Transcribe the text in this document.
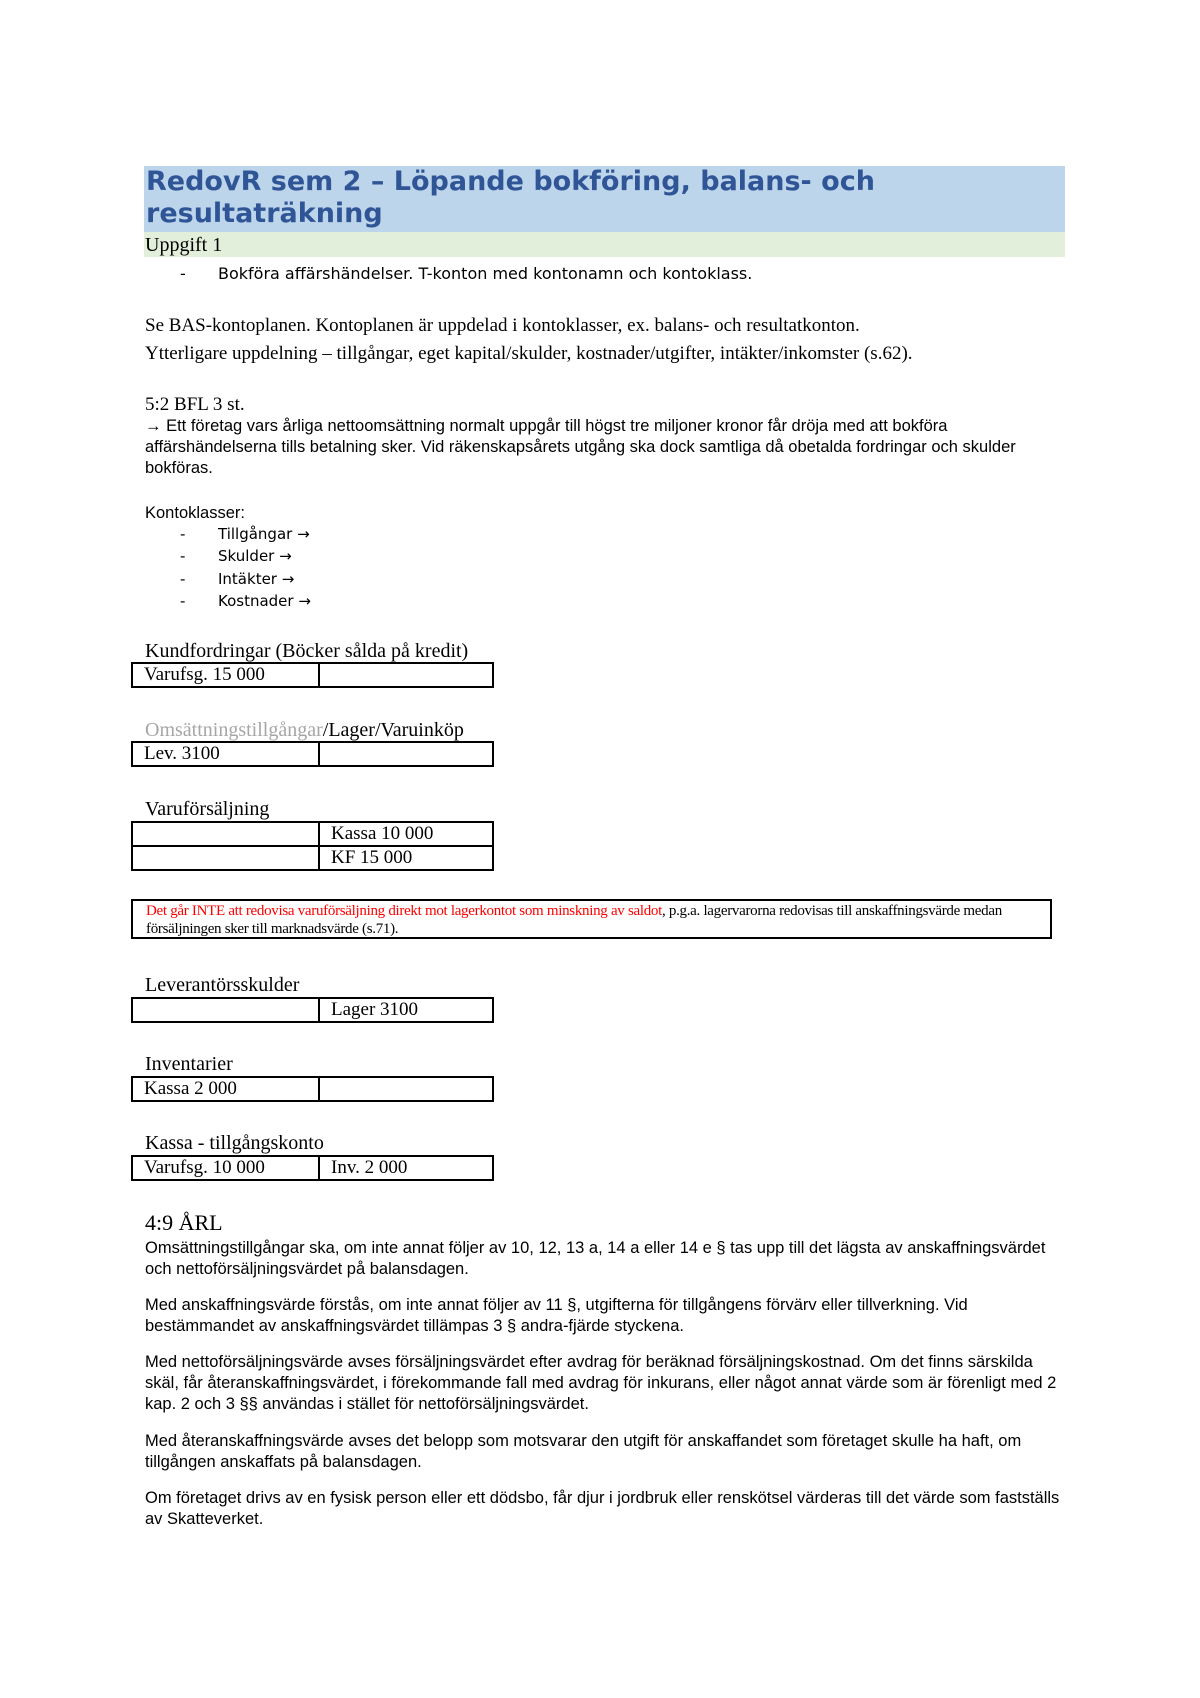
RedovR sem 2 – Löpande bokföring, balans- och resultaträkning
Uppgift 1
- Bokföra affärshändelser. T-konton med kontonamn och kontoklass.
Se BAS-kontoplanen. Kontoplanen är uppdelad i kontoklasser, ex. balans- och resultatkonton.
Ytterligare uppdelning – tillgångar, eget kapital/skulder, kostnader/utgifter, intäkter/inkomster (s.62).
5:2 BFL 3 st.
→ Ett företag vars årliga nettoomsättning normalt uppgår till högst tre miljoner kronor får dröja med att bokföra affärshändelserna tills betalning sker. Vid räkenskapsårets utgång ska dock samtliga då obetalda fordringar och skulder bokföras.
Kontoklasser:
- Tillgångar →
- Skulder →
- Intäkter →
- Kostnader →
Kundfordringar (Böcker sålda på kredit)
Varufsg. 15 000	
Omsättningstillgångar/Lager/Varuinköp
Lev. 3100	
Varuförsäljning
	Kassa 10 000
	KF 15 000
Det går INTE att redovisa varuförsäljning direkt mot lagerkontot som minskning av saldot, p.g.a. lagervarorna redovisas till anskaffningsvärde medan försäljningen sker till marknadsvärde (s.71).
Leverantörsskulder
	Lager 3100
Inventarier
Kassa 2 000	
Kassa - tillgångskonto
Varufsg. 10 000	Inv. 2 000
4:9 ÅRL
Omsättningstillgångar ska, om inte annat följer av 10, 12, 13 a, 14 a eller 14 e § tas upp till det lägsta av anskaffningsvärdet och nettoförsäljningsvärdet på balansdagen.
Med anskaffningsvärde förstås, om inte annat följer av 11 §, utgifterna för tillgångens förvärv eller tillverkning. Vid bestämmandet av anskaffningsvärdet tillämpas 3 § andra-fjärde styckena.
Med nettoförsäljningsvärde avses försäljningsvärdet efter avdrag för beräknad försäljningskostnad. Om det finns särskilda skäl, får återanskaffningsvärdet, i förekommande fall med avdrag för inkurans, eller något annat värde som är förenligt med 2 kap. 2 och 3 §§ användas i stället för nettoförsäljningsvärdet.
Med återanskaffningsvärde avses det belopp som motsvarar den utgift för anskaffandet som företaget skulle ha haft, om tillgången anskaffats på balansdagen.
Om företaget drivs av en fysisk person eller ett dödsbo, får djur i jordbruk eller renskötsel värderas till det värde som fastställs av Skatteverket.
